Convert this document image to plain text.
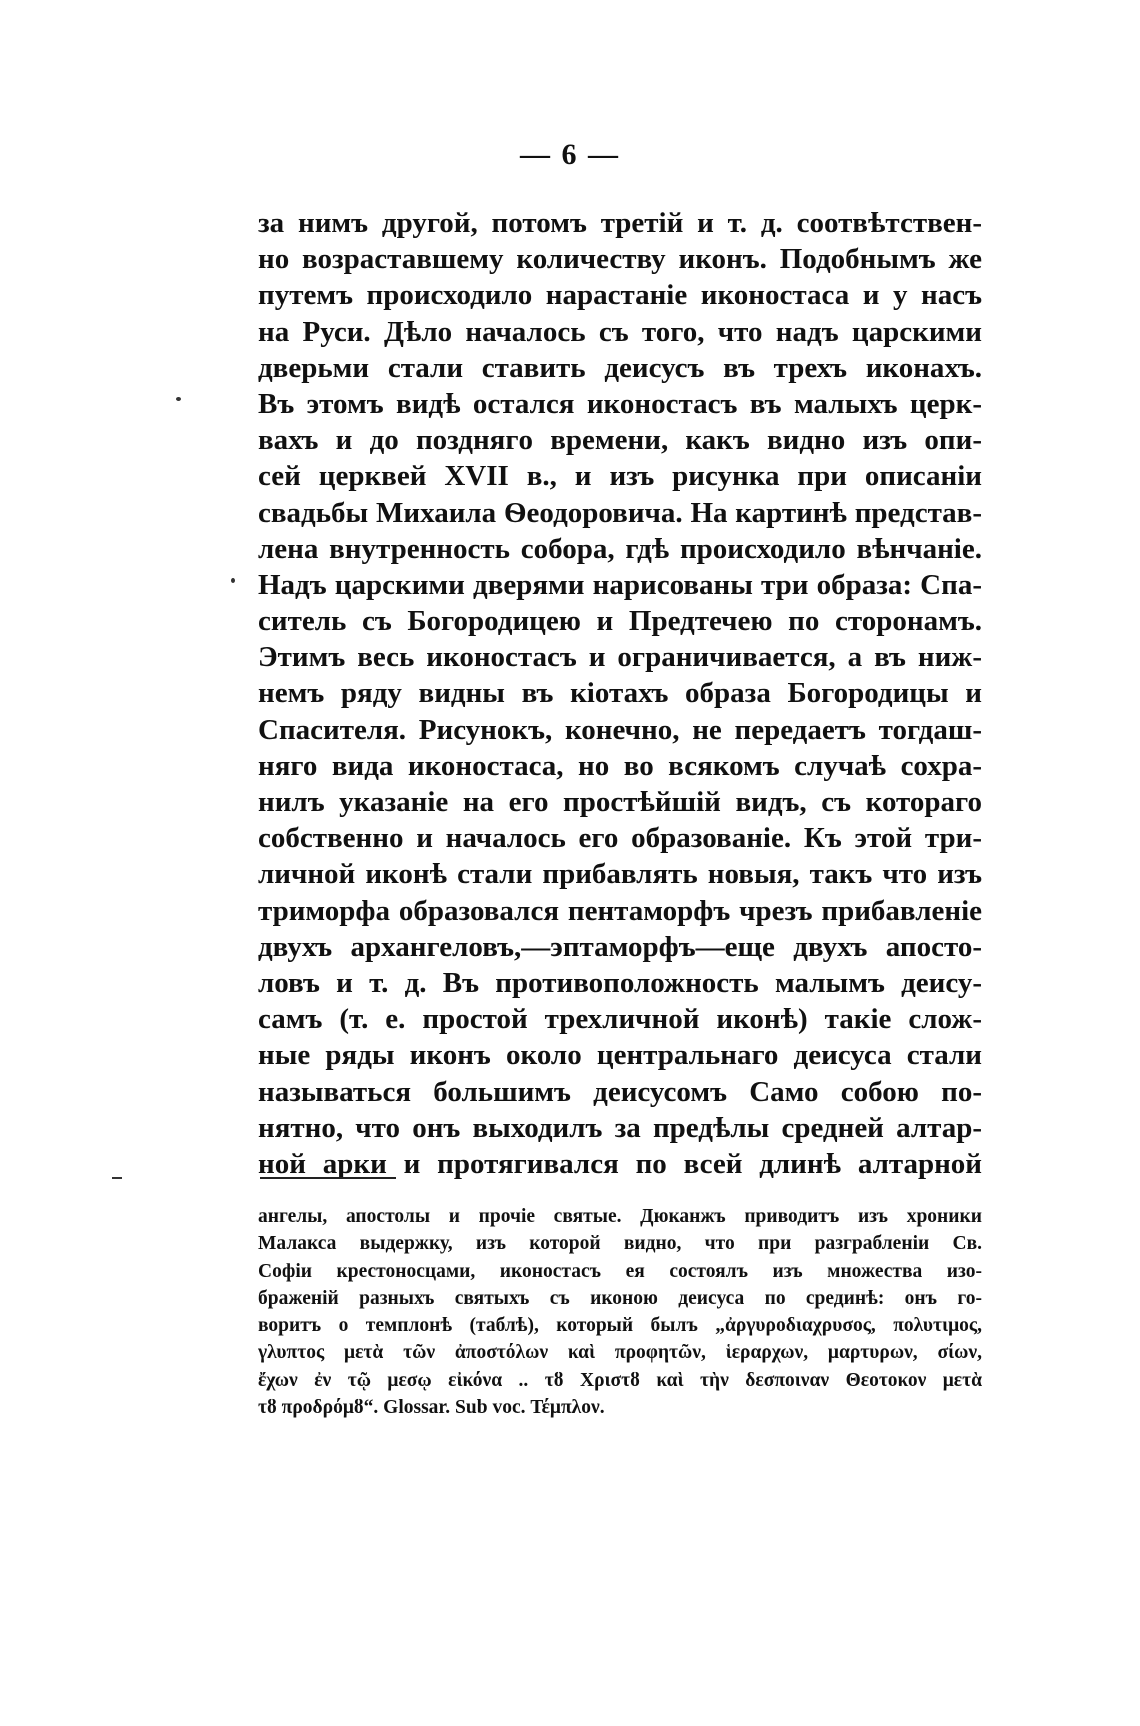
— 6 —
за нимъ другой, потомъ третій и т. д. соотвѣтствен-
но возраставшему количеству иконъ. Подобнымъ же
путемъ происходило нарастаніе иконостаса и у насъ
на Руси. Дѣло началось съ того, что надъ царскими
дверьми стали ставить деисусъ въ трехъ иконахъ.
Въ этомъ видѣ остался иконостасъ въ малыхъ церк-
вахъ и до позднягo времени, какъ видно изъ опи-
сей церквей XVII в., и изъ рисунка при описаніи
свадьбы Михаила Ѳеодоровича. На картинѣ представ-
лена внутренность собора, гдѣ происходило вѣнчаніе.
Надъ царскими дверями нарисованы три образа: Спа-
ситель съ Богородицею и Предтечею по сторонамъ.
Этимъ весь иконостасъ и ограничивается, а въ ниж-
немъ ряду видны въ кіотахъ образа Богородицы и
Спасителя. Рисунокъ, конечно, не передаетъ тогдаш-
няго вида иконостаса, но во всякомъ случаѣ сохра-
нилъ указаніе на его простѣйшій видъ, съ котораго
собственно и началось его образованіе. Къ этой три-
личной иконѣ стали прибавлять новыя, такъ что изъ
триморфа образовался пентаморфъ чрезъ прибавленіе
двухъ архангеловъ,—эптаморфъ—еще двухъ апосто-
ловъ и т. д. Въ противоположность малымъ деису-
самъ (т. е. простой трехличной иконѣ) такіе слож-
ные ряды иконъ около центральнаго деисуса стали
называться большимъ деисусомъ Само собою по-
нятно, что онъ выходилъ за предѣлы средней алтар-
ной арки и протягивался по всей длинѣ алтарной
ангелы, апостолы и прочіе святые. Дюканжъ приводитъ изъ хроники
Малакса выдержку, изъ которой видно, что при разграбленіи Св.
Софіи крестоносцами, иконостасъ ея состоялъ изъ множества изо-
браженій разныхъ святыхъ съ иконою деисуса по срединѣ: онъ го-
воритъ о темплонѣ (таблѣ), который былъ „ἀργυροδιαχρυσος, πολυτιμος,
γλυπτος μετὰ τῶν ἀποστόλων καὶ προφητῶν, ἱεραρχων, μαρτυρων, σίων,
ἔχων ἐν τῷ μεσῳ εἰκόνα .. τȣ Χριστȣ καὶ τὴν δεσποιναν Θεοτοκον μετὰ
τȣ προδρόμȣ“. Glossar. Sub voc. Τέμπλον.
